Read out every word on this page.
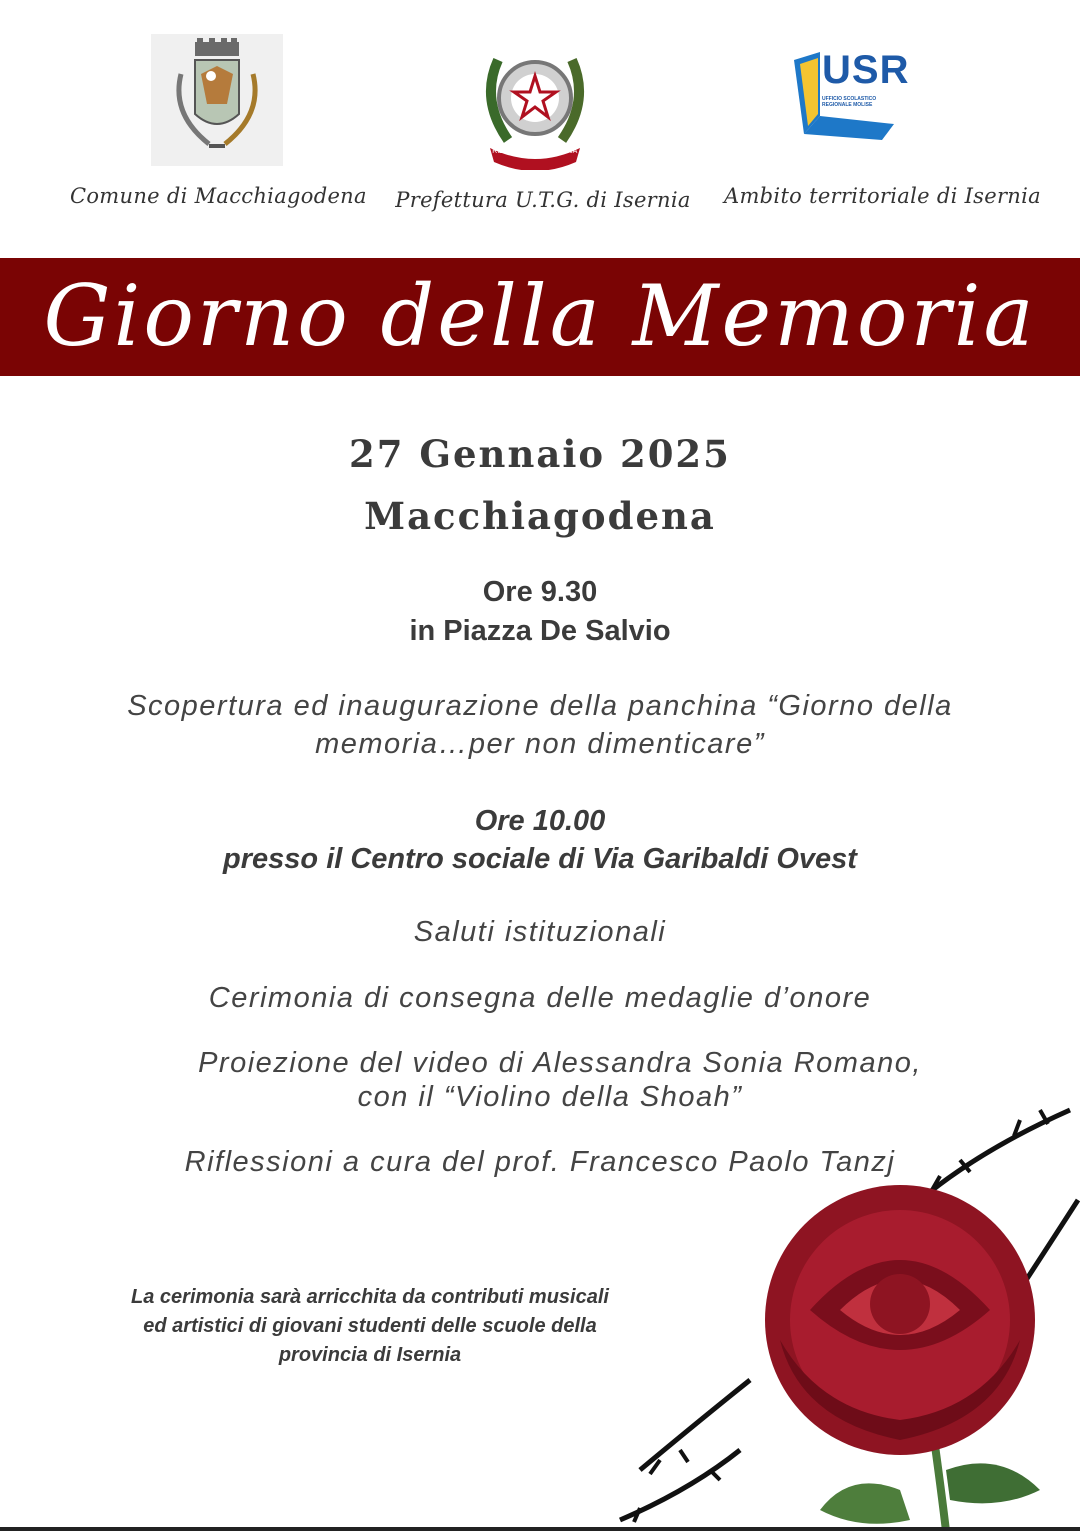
Comune di Macchiagodena
REPVBBLICA ITALIANA
Prefettura U.T.G. di Isernia
USR
UFFICIO SCOLASTICO REGIONALE MOLISE
Ambito territoriale di Isernia
Giorno della Memoria
27 Gennaio 2025
Macchiagodena
Ore 9.30
in Piazza De Salvio
Scopertura ed inaugurazione della panchina “Giorno della
memoria…per non dimenticare”
Ore 10.00
presso il Centro sociale di Via Garibaldi Ovest
Saluti istituzionali
Cerimonia di consegna delle medaglie d’onore
Proiezione del video di Alessandra Sonia Romano,
con il “Violino della Shoah”
Riflessioni a cura del prof. Francesco Paolo Tanzj
La cerimonia sarà arricchita da contributi musicali
ed artistici di giovani studenti delle scuole della
provincia di Isernia
